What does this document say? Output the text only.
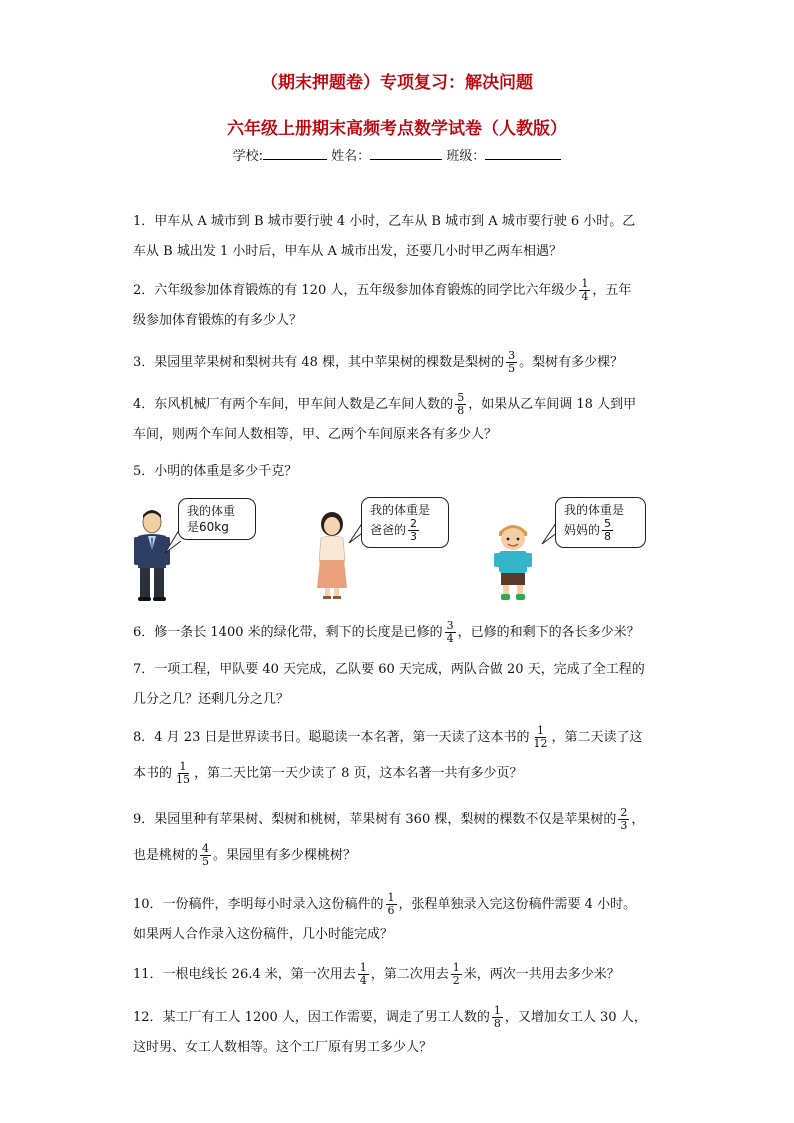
（期末押题卷）专项复习：解决问题
六年级上册期末高频考点数学试卷（人教版）
学校:	姓名：	班级：
1．甲车从 A 城市到 B 城市要行驶 4 小时，乙车从 B 城市到 A 城市要行驶 6 小时。乙
车从 B 城出发 1 小时后，甲车从 A 城市出发，还要几小时甲乙两车相遇？
2．六年级参加体育锻炼的有 120 人，五年级参加体育锻炼的同学比六年级少 $\frac{1}{4}$ ，五年
级参加体育锻炼的有多少人？
3．果园里苹果树和梨树共有 48 棵，其中苹果树的棵数是梨树的 $\frac{3}{5}$ 。梨树有多少棵？
4．东风机械厂有两个车间，甲车间人数是乙车间人数的 $\frac{5}{8}$ ，如果从乙车间调 18 人到甲
车间，则两个车间人数相等，甲、乙两个车间原来各有多少人？
5．小明的体重是多少千克？
我的体重
是60kg
我的体重是
爸爸的 $\frac{2}{3}$
我的体重是
妈妈的 $\frac{5}{8}$
6．修一条长 1400 米的绿化带，剩下的长度是已修的 $\frac{3}{4}$ ，已修的和剩下的各长多少米？
7．一项工程，甲队要 40 天完成，乙队要 60 天完成，两队合做 20 天，完成了全工程的
几分之几？还剩几分之几？
8．4 月 23 日是世界读书日。聪聪读一本名著，第一天读了这本书的 $\frac{1}{12}$ ，第二天读了这
本书的 $\frac{1}{15}$ ，第二天比第一天少读了 8 页，这本名著一共有多少页？
9．果园里种有苹果树、梨树和桃树，苹果树有 360 棵，梨树的棵数不仅是苹果树的 $\frac{2}{3}$ ，
也是桃树的 $\frac{4}{5}$ 。果园里有多少棵桃树？
10．一份稿件，李明每小时录入这份稿件的 $\frac{1}{6}$ ，张程单独录入完这份稿件需要 4 小时。
如果两人合作录入这份稿件，几小时能完成？
11．一根电线长 26.4 米，第一次用去 $\frac{1}{4}$ ，第二次用去 $\frac{1}{2}$ 米，两次一共用去多少米？
12．某工厂有工人 1200 人，因工作需要，调走了男工人数的 $\frac{1}{8}$ ，又增加女工人 30 人，
这时男、女工人数相等。这个工厂原有男工多少人？
